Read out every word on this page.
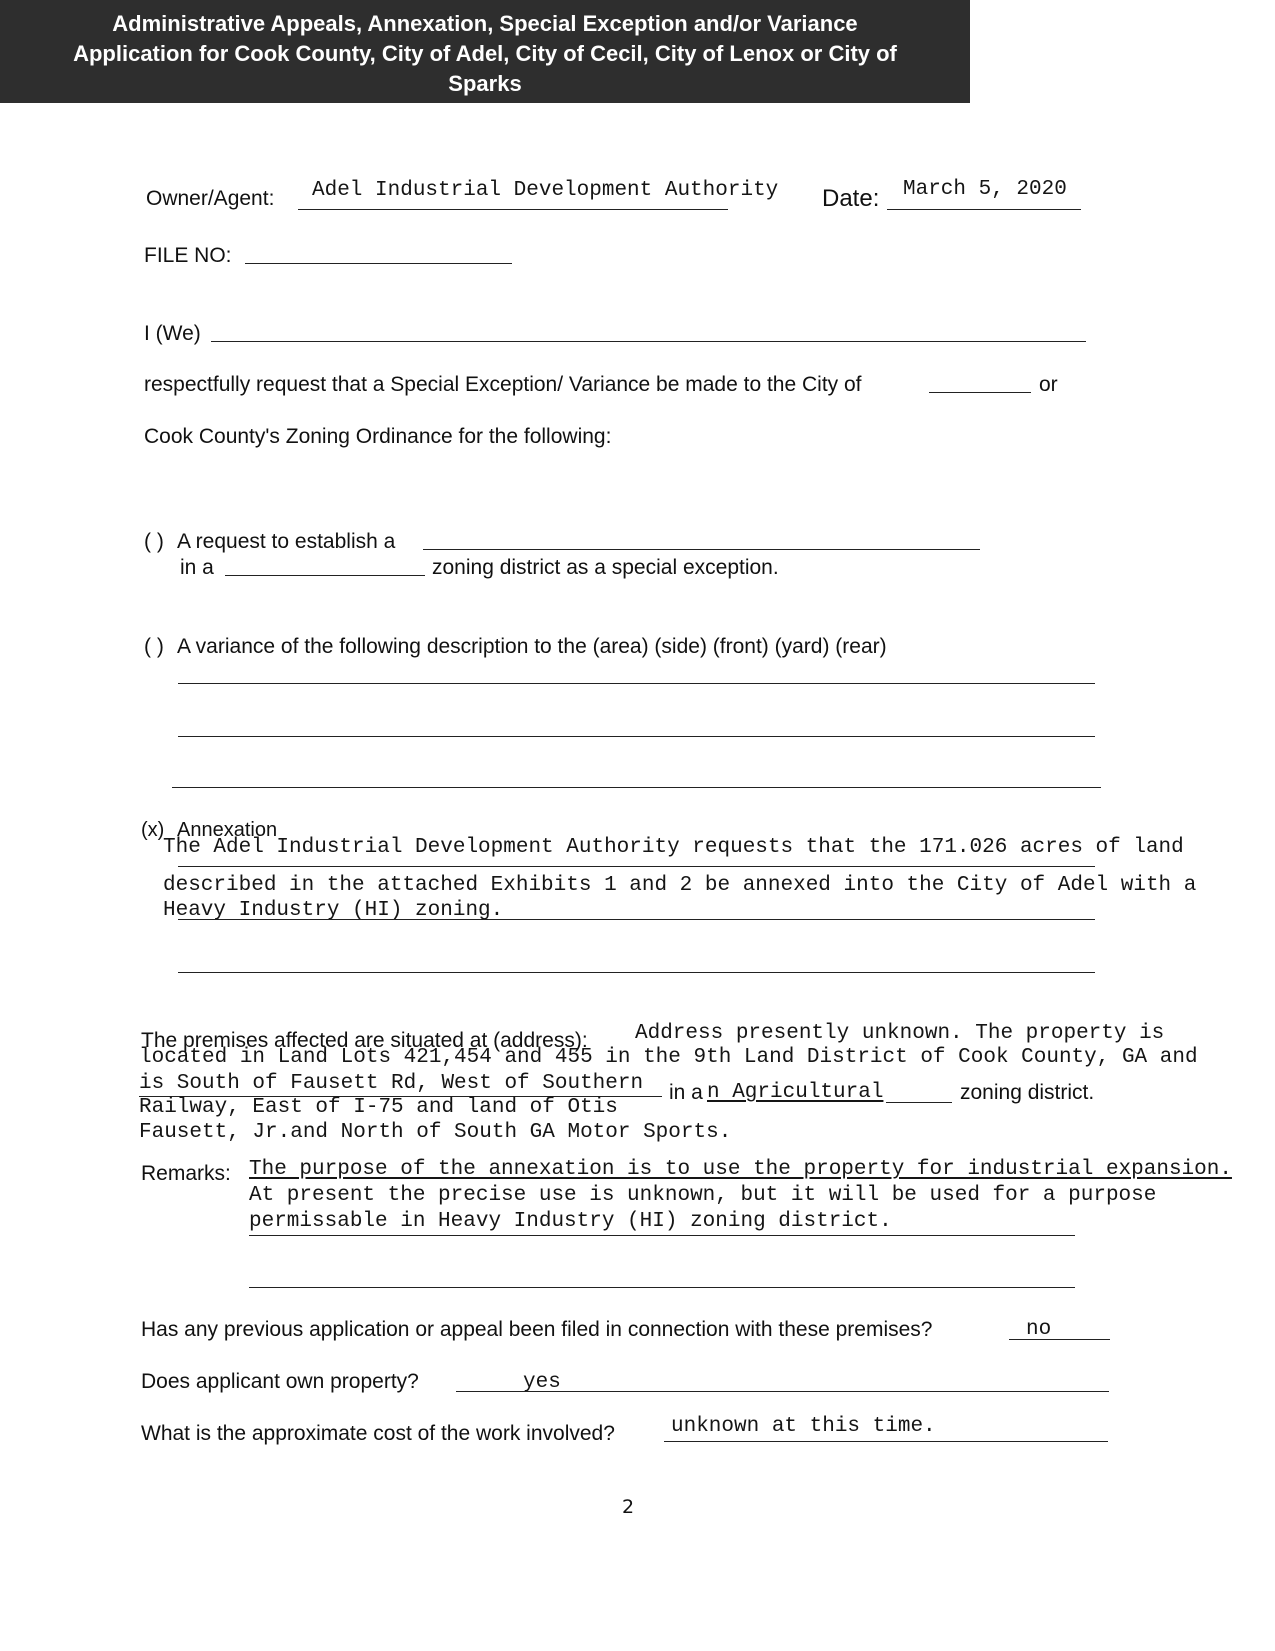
Administrative Appeals, Annexation, Special Exception and/or Variance
Application for Cook County, City of Adel, City of Cecil, City of Lenox or City of
Sparks
Owner/Agent: Adel Industrial Development Authority Date: March 5, 2020
FILE NO:
I (We)
respectfully request that a Special Exception/ Variance be made to the City of	or
Cook County's Zoning Ordinance for the following:
( ) A request to establish a
in a	zoning district as a special exception.
( ) A variance of the following description to the (area) (side) (front) (yard) (rear)
(x) Annexation
The Adel Industrial Development Authority requests that the 171.026 acres of land
described in the attached Exhibits 1 and 2 be annexed into the City of Adel with a
Heavy Industry (HI) zoning.
The premises affected are situated at (address): Address presently unknown. The property is
located in Land Lots 421,454 and 455 in the 9th Land District of Cook County, GA and
is South of Fausett Rd, West of Southern
Railway, East of I-75 and land of Otis
Fausett, Jr.and North of South GA Motor Sports.
in a n Agricultural	zoning district.
Remarks: The purpose of the annexation is to use the property for industrial expansion.
At present the precise use is unknown, but it will be used for a purpose
permissable in Heavy Industry (HI) zoning district.
Has any previous application or appeal been filed in connection with these premises?	no
Does applicant own property?	yes
What is the approximate cost of the work involved?	unknown at this time.
2
